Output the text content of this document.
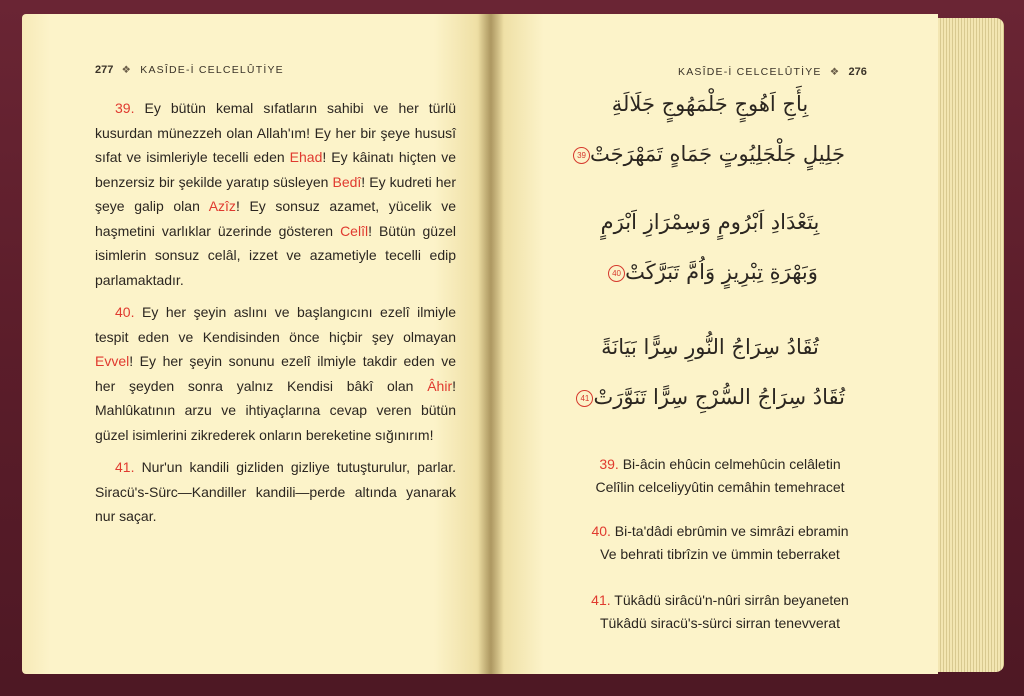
277 ❖ KASÎDE-İ CELCELÛTİYE	KASÎDE-İ CELCELÛTİYE ❖ 276

39. Ey bütün kemal sıfatların sahibi ve her türlü kusurdan münezzeh olan Allah'ım! Ey her bir şeye hususî sıfat ve isimleriyle tecelli eden Ehad! Ey kâinatı hiçten ve benzersiz bir şekilde yaratıp süsleyen Bedî! Ey kudreti her şeye galip olan Azîz! Ey sonsuz azamet, yücelik ve haşmetini varlıklar üzerinde gösteren Celîl! Bütün güzel isimlerin sonsuz celâl, izzet ve azametiyle tecelli edip parlamaktadır.

40. Ey her şeyin aslını ve başlangıcını ezelî ilmiyle tespit eden ve Kendisinden önce hiçbir şey olmayan Evvel! Ey her şeyin sonunu ezelî ilmiyle takdir eden ve her şeyden sonra yalnız Kendisi bâkî olan Âhir! Mahlûkatının arzu ve ihtiyaçlarına cevap veren bütün güzel isimlerini zikrederek onların bereketine sığınırım!

41. Nur'un kandili gizliden gizliye tutuşturulur, parlar. Siracü's-Sürc—Kandiller kandili—perde altında yanarak nur saçar.

بِأَجِ اَهُوجٍ جَلْمَهُوجٍ جَلَالَةِ
جَلِيلٍ جَلْجَلِيُوتٍ جَمَاهٍ تَمَهْرَجَتْ39
بِتَعْدَادِ اَبْرُومٍ وَسِمْرَازِ اَبْرَمٍ
وَبَهْرَةِ تِبْرِيزٍ وَاُمَّ تَبَرَّكَتْ40
تُقَادُ سِرَاجُ النُّورِ سِرًّا بَيَانَةً
تُقَادُ سِرَاجُ السُّرْجِ سِرًّا تَنَوَّرَتْ41
39. Bi-âcin ehûcin celmehûcin celâletin
Celîlin celceliyyûtin cemâhin temehracet
40. Bi-ta'dâdi ebrûmin ve simrâzi ebramin
Ve behrati tibrîzin ve ümmin teberraket
41. Tükâdü sirâcü'n-nûri sirrân beyaneten
Tükâdü siracü's-sürci sirran tenevverat
